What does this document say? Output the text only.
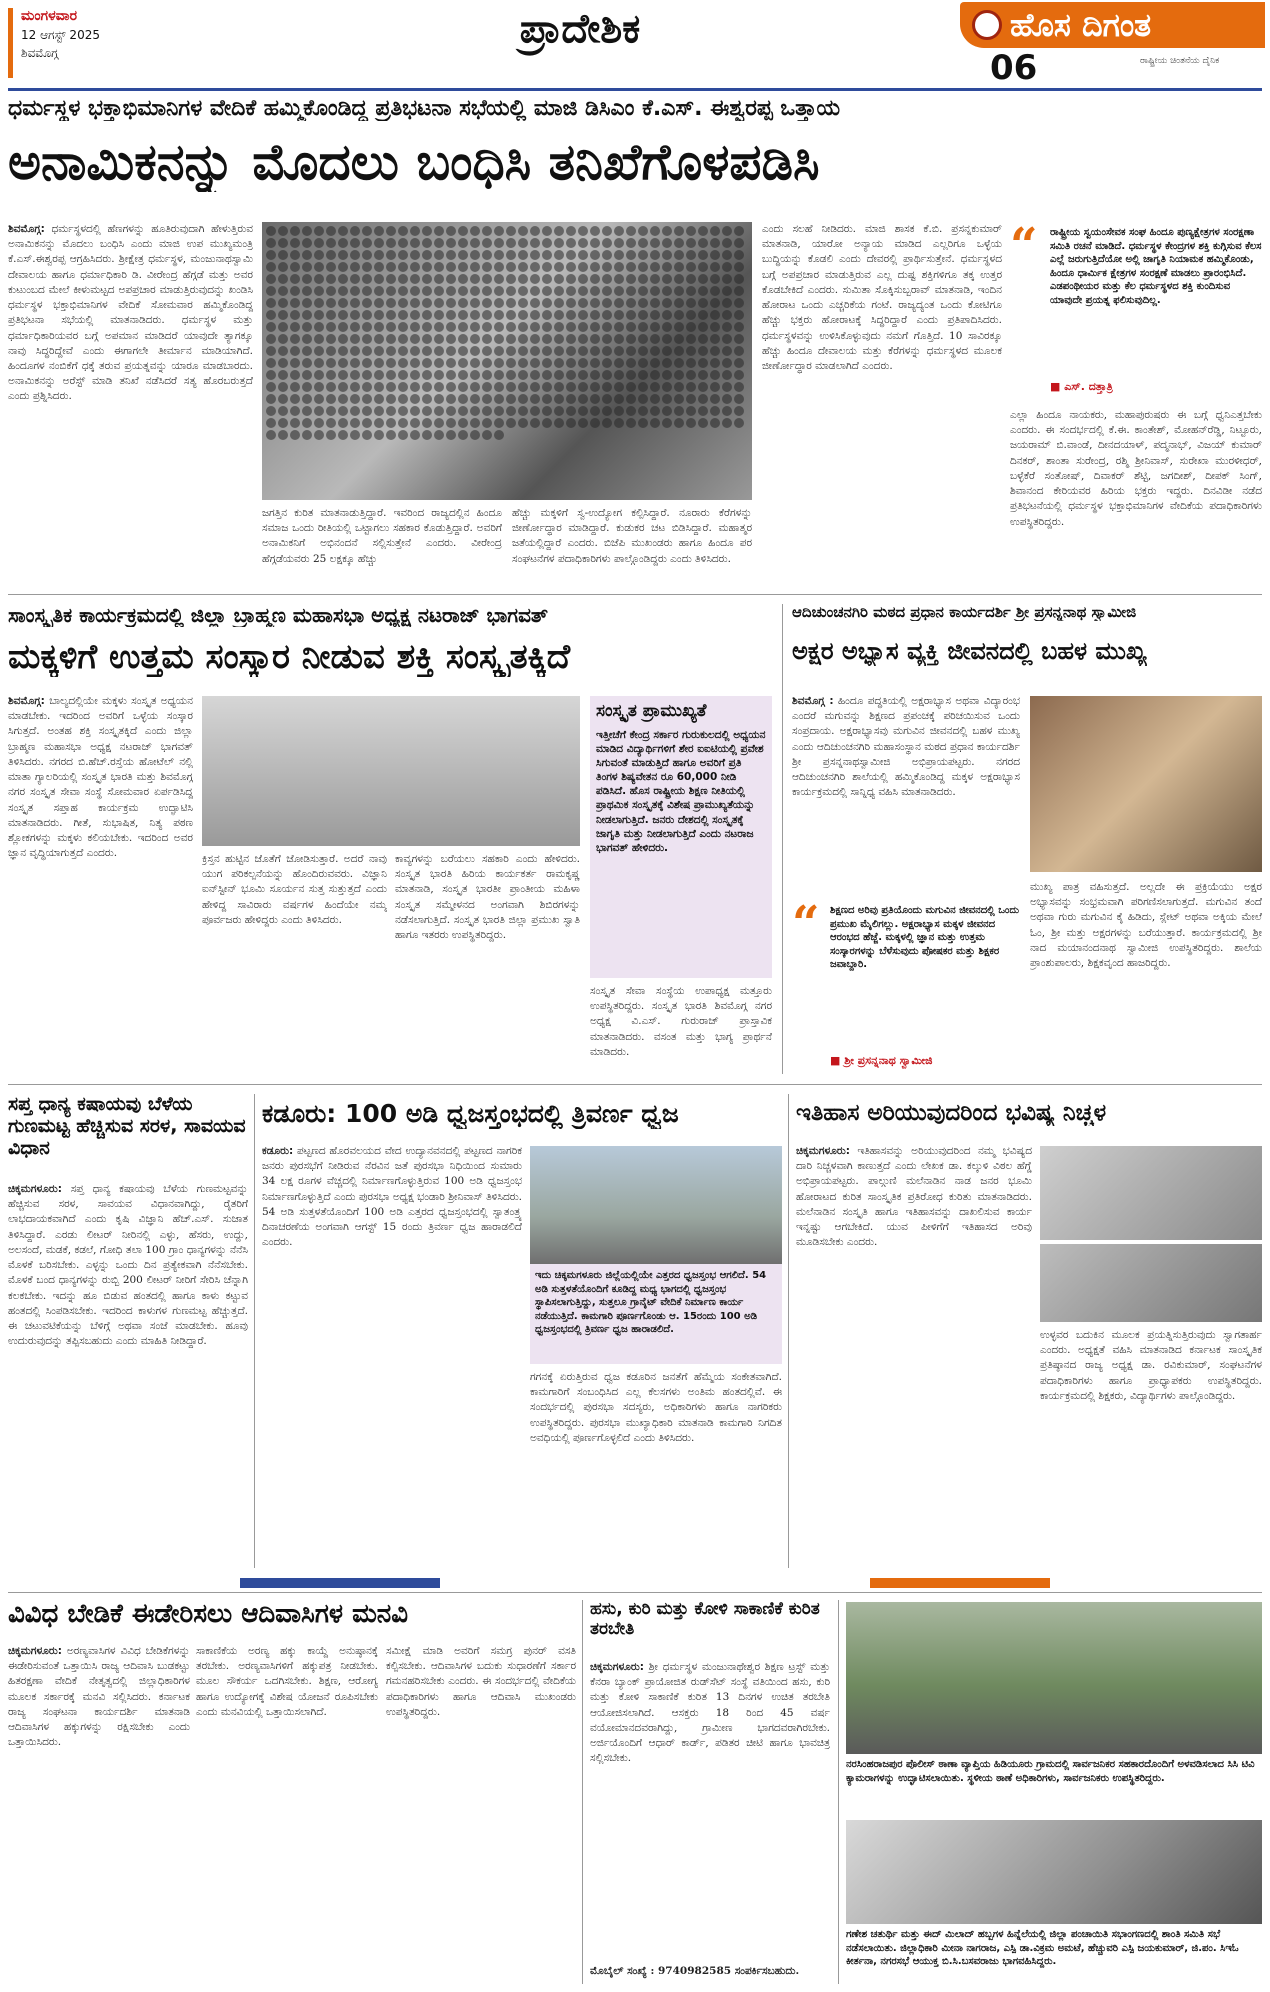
ಮಂಗಳವಾರ
12 ಆಗಸ್ಟ್ 2025
ಶಿವಮೊಗ್ಗ
ಪ್ರಾದೇಶಿಕ	ಹೊಸ ದಿಗಂತ
06	ರಾಷ್ಟ್ರೀಯ ಚಿಂತನೆಯ ದೈನಿಕ
ಧರ್ಮಸ್ಥಳ ಭಕ್ತಾಭಿಮಾನಿಗಳ ವೇದಿಕೆ ಹಮ್ಮಿಕೊಂಡಿದ್ದ ಪ್ರತಿಭಟನಾ ಸಭೆಯಲ್ಲಿ ಮಾಜಿ ಡಿಸಿಎಂ ಕೆ.ಎಸ್. ಈಶ್ವರಪ್ಪ ಒತ್ತಾಯ
ಅನಾಮಿಕನನ್ನು ಮೊದಲು ಬಂಧಿಸಿ ತನಿಖೆಗೊಳಪಡಿಸಿ

ಶಿವಮೊಗ್ಗ: ಧರ್ಮಸ್ಥಳದಲ್ಲಿ ಹೆಣಗಳನ್ನು ಹೂತಿರುವುದಾಗಿ ಹೇಳುತ್ತಿರುವ ಅನಾಮಿಕನನ್ನು ಮೊದಲು ಬಂಧಿಸಿ ಎಂದು ಮಾಜಿ ಉಪ ಮುಖ್ಯಮಂತ್ರಿ ಕೆ.ಎಸ್.ಈಶ್ವರಪ್ಪ ಆಗ್ರಹಿಸಿದರು. ಶ್ರೀಕ್ಷೇತ್ರ ಧರ್ಮಸ್ಥಳ, ಮಂಜುನಾಥಸ್ವಾಮಿ ದೇವಾಲಯ ಹಾಗೂ ಧರ್ಮಾಧಿಕಾರಿ ಡಿ. ವೀರೇಂದ್ರ ಹೆಗ್ಗಡೆ ಮತ್ತು ಅವರ ಕುಟುಂಬದ ಮೇಲೆ ಕೀಳುಮಟ್ಟದ ಅಪಪ್ರಚಾರ ಮಾಡುತ್ತಿರುವುದನ್ನು ಖಂಡಿಸಿ ಧರ್ಮಸ್ಥಳ ಭಕ್ತಾಭಿಮಾನಿಗಳ ವೇದಿಕೆ ಸೋಮವಾರ ಹಮ್ಮಿಕೊಂಡಿದ್ದ ಪ್ರತಿಭಟನಾ ಸಭೆಯಲ್ಲಿ ಮಾತನಾಡಿದರು. ಧರ್ಮಸ್ಥಳ ಮತ್ತು ಧರ್ಮಾಧಿಕಾರಿಯವರ ಬಗ್ಗೆ ಅಪಮಾನ ಮಾಡಿದರೆ ಯಾವುದೇ ತ್ಯಾಗಕ್ಕೂ ನಾವು ಸಿದ್ಧರಿದ್ದೇವೆ ಎಂದು ಈಗಾಗಲೇ ತೀರ್ಮಾನ ಮಾಡಿಯಾಗಿದೆ. ಹಿಂದೂಗಳ ನಂಬಿಕೆಗೆ ಧಕ್ಕೆ ತರುವ ಪ್ರಯತ್ನವನ್ನು ಯಾರೂ ಮಾಡಬಾರದು. ಅನಾಮಿಕನನ್ನು ಅರೆಸ್ಟ್ ಮಾಡಿ ತನಿಖೆ ನಡೆಸಿದರೆ ಸತ್ಯ ಹೊರಬರುತ್ತದೆ ಎಂದು ಪ್ರಶ್ನಿಸಿದರು.

ಜಗತ್ತಿನ ಕುರಿತ ಮಾತನಾಡುತ್ತಿದ್ದಾರೆ. ಇವರಿಂದ ರಾಜ್ಯದಲ್ಲಿನ ಹಿಂದೂ ಸಮಾಜ ಒಂದು ರೀತಿಯಲ್ಲಿ ಒಟ್ಟಾಗಲು ಸಹಕಾರ ಕೊಡುತ್ತಿದ್ದಾರೆ. ಅವರಿಗೆ ಅನಾಮಿಕನಿಗೆ ಅಭಿನಂದನೆ ಸಲ್ಲಿಸುತ್ತೇನೆ ಎಂದರು. ವೀರೇಂದ್ರ ಹೆಗ್ಗಡೆಯವರು 25 ಲಕ್ಷಕ್ಕೂ ಹೆಚ್ಚು
ಹೆಚ್ಚು ಮಕ್ಕಳಿಗೆ ಸ್ವ-ಉದ್ಯೋಗ ಕಲ್ಪಿಸಿದ್ದಾರೆ. ನೂರಾರು ಕೆರೆಗಳನ್ನು ಜೀರ್ಣೋದ್ಧಾರ ಮಾಡಿದ್ದಾರೆ. ಕುಡುಕರ ಚಟ ಬಿಡಿಸಿದ್ದಾರೆ. ಮಹಾತ್ಮರ ಜತೆಯಲ್ಲಿದ್ದಾರೆ ಎಂದರು. ಬಿಜೆಪಿ ಮುಖಂಡರು ಹಾಗೂ ಹಿಂದೂ ಪರ ಸಂಘಟನೆಗಳ ಪದಾಧಿಕಾರಿಗಳು ಪಾಲ್ಗೊಂಡಿದ್ದರು ಎಂದು ತಿಳಿಸಿದರು.
ಎಂದು ಸಲಹೆ ನೀಡಿದರು. ಮಾಜಿ ಶಾಸಕ ಕೆ.ಬಿ. ಪ್ರಸನ್ನಕುಮಾರ್ ಮಾತನಾಡಿ, ಯಾರೋ ಅನ್ಯಾಯ ಮಾಡಿದ ಎಲ್ಲರಿಗೂ ಒಳ್ಳೆಯ ಬುದ್ಧಿಯನ್ನು ಕೊಡಲಿ ಎಂದು ದೇವರಲ್ಲಿ ಪ್ರಾರ್ಥಿಸುತ್ತೇನೆ. ಧರ್ಮಸ್ಥಳದ ಬಗ್ಗೆ ಅಪಪ್ರಚಾರ ಮಾಡುತ್ತಿರುವ ಎಲ್ಲ ದುಷ್ಟ ಶಕ್ತಿಗಳಿಗೂ ತಕ್ಕ ಉತ್ತರ ಕೊಡಬೇಕಿದೆ ಎಂದರು. ಸುಮಿತಾ ಸೊಕ್ಕಿಸುಬ್ಬರಾವ್ ಮಾತನಾಡಿ, ಇಂದಿನ ಹೋರಾಟ ಒಂದು ಎಚ್ಚರಿಕೆಯ ಗಂಟೆ. ರಾಜ್ಯದ್ಯಂತ ಒಂದು ಕೋಟಿಗೂ ಹೆಚ್ಚು ಭಕ್ತರು ಹೋರಾಟಕ್ಕೆ ಸಿದ್ಧರಿದ್ದಾರೆ ಎಂದು ಪ್ರತಿಪಾದಿಸಿದರು. ಧರ್ಮಸ್ಥಳವನ್ನು ಉಳಿಸಿಕೊಳ್ಳುವುದು ನಮಗೆ ಗೊತ್ತಿದೆ. 10 ಸಾವಿರಕ್ಕೂ ಹೆಚ್ಚು ಹಿಂದೂ ದೇವಾಲಯ ಮತ್ತು ಕೆರೆಗಳನ್ನು ಧರ್ಮಸ್ಥಳದ ಮೂಲಕ ಜೀರ್ಣೋದ್ಧಾರ ಮಾಡಲಾಗಿದೆ ಎಂದರು.
“	ರಾಷ್ಟ್ರೀಯ ಸ್ವಯಂಸೇವಕ ಸಂಘ ಹಿಂದೂ ಪುಣ್ಯಕ್ಷೇತ್ರಗಳ ಸಂರಕ್ಷಣಾ ಸಮಿತಿ ರಚನೆ ಮಾಡಿದೆ. ಧರ್ಮಸ್ಥಳ ಕೇಂದ್ರಗಳ ಶಕ್ತಿ ಕುಗ್ಗಿಸುವ ಕೆಲಸ ಎಲ್ಲೆ ಜರುಗುತ್ತಿದೆಯೋ ಅಲ್ಲಿ ಜಾಗೃತಿ ನಿಯಾಮಕ ಹಮ್ಮಿಕೊಂಡು, ಹಿಂದೂ ಧಾರ್ಮಿಕ ಕ್ಷೇತ್ರಗಳ ಸಂರಕ್ಷಣೆ ಮಾಡಲು ಪ್ರಾರಂಭಿಸಿದೆ. ಎಡಪಂಥೀಯರ ಮತ್ತು ಕೆಲ ಧರ್ಮಸ್ಥಳದ ಶಕ್ತಿ ಕುಂದಿಸುವ ಯಾವುದೇ ಪ್ರಯತ್ನ ಫಲಿಸುವುದಿಲ್ಲ.
■ ಎಸ್. ದತ್ತಾತ್ರಿ
ಎಲ್ಲಾ ಹಿಂದೂ ನಾಯಕರು, ಮಹಾಪುರುಷರು ಈ ಬಗ್ಗೆ ಧ್ವನಿಎತ್ತಬೇಕು ಎಂದರು. ಈ ಸಂದರ್ಭದಲ್ಲಿ ಕೆ.ಈ. ಕಾಂತೇಶ್, ಮೋಹನ್‌ರೆಡ್ಡಿ, ನಿಟ್ಟೂರು, ಜಯರಾಮ್ ಬಿ.ವಾಂಡೆ, ದೀನದಯಾಳ್, ಪದ್ಮನಾಭ್, ವಿಜಯ್ ಕುಮಾರ್ ದಿನಕರ್, ಶಾಂತಾ ಸುರೇಂದ್ರ, ರಶ್ಮಿ ಶ್ರೀನಿವಾಸ್, ಸುರೇಖಾ ಮುರಳೀಧರ್, ಬಳ್ಳೆಕೆರೆ ಸಂತೋಷ್, ದಿವಾಕರ್ ಶೆಟ್ಟಿ, ಜಗದೀಶ್, ದೀಪಕ್ ಸಿಂಗ್, ಶಿವಾನಂದ ಕೇರಿಯವರ ಹಿರಿಯ ಭಕ್ತರು ಇದ್ದರು. ದಿನವಿಡೀ ನಡೆದ ಪ್ರತಿಭಟನೆಯಲ್ಲಿ ಧರ್ಮಸ್ಥಳ ಭಕ್ತಾಭಿಮಾನಿಗಳ ವೇದಿಕೆಯ ಪದಾಧಿಕಾರಿಗಳು ಉಪಸ್ಥಿತರಿದ್ದರು.
ಸಾಂಸ್ಕೃತಿಕ ಕಾರ್ಯಕ್ರಮದಲ್ಲಿ ಜಿಲ್ಲಾ ಬ್ರಾಹ್ಮಣ ಮಹಾಸಭಾ ಅಧ್ಯಕ್ಷ ನಟರಾಜ್ ಭಾಗವತ್
ಮಕ್ಕಳಿಗೆ ಉತ್ತಮ ಸಂಸ್ಕಾರ ನೀಡುವ ಶಕ್ತಿ ಸಂಸ್ಕೃತಕ್ಕಿದೆ

ಶಿವಮೊಗ್ಗ: ಬಾಲ್ಯದಲ್ಲಿಯೇ ಮಕ್ಕಳು ಸಂಸ್ಕೃತ ಅಧ್ಯಯನ ಮಾಡಬೇಕು. ಇದರಿಂದ ಅವರಿಗೆ ಒಳ್ಳೆಯ ಸಂಸ್ಕಾರ ಸಿಗುತ್ತದೆ. ಅಂತಹ ಶಕ್ತಿ ಸಂಸ್ಕೃತಕ್ಕಿದೆ ಎಂದು ಜಿಲ್ಲಾ ಬ್ರಾಹ್ಮಣ ಮಹಾಸಭಾ ಅಧ್ಯಕ್ಷ ನಟರಾಜ್ ಭಾಗವತ್ ತಿಳಿಸಿದರು. ನಗರದ ಬಿ.ಹೆಚ್.ರಸ್ತೆಯ ಹೋಟೆಲ್ ನಲ್ಲಿ ಮಾತಾ ಗ್ಯಾಲರಿಯಲ್ಲಿ ಸಂಸ್ಕೃತ ಭಾರತಿ ಮತ್ತು ಶಿವಮೊಗ್ಗ ನಗರ ಸಂಸ್ಕೃತ ಸೇವಾ ಸಂಸ್ಥೆ ಸೋಮವಾರ ಏರ್ಪಡಿಸಿದ್ದ ಸಂಸ್ಕೃತ ಸಪ್ತಾಹ ಕಾರ್ಯಕ್ರಮ ಉದ್ಘಾಟಿಸಿ ಮಾತನಾಡಿದರು. ಗೀತೆ, ಸುಭಾಷಿತ, ನಿತ್ಯ ಪಠಣ ಶ್ಲೋಕಗಳನ್ನು ಮಕ್ಕಳು ಕಲಿಯಬೇಕು. ಇದರಿಂದ ಅವರ ಜ್ಞಾನ ವೃದ್ಧಿಯಾಗುತ್ತದೆ ಎಂದರು.	ಕ್ರಿಸ್ತನ ಹುಟ್ಟಿನ ಜೊತೆಗೆ ಜೋಡಿಸುತ್ತಾರೆ. ಅದರೆ ನಾವು ಯುಗ ಪರಿಕಲ್ಪನೆಯನ್ನು ಹೊಂದಿರುವವರು. ವಿಜ್ಞಾನಿ ಐನ್‌ಸ್ಟೀನ್ ಭೂಮಿ ಸೂರ್ಯನ ಸುತ್ತ ಸುತ್ತುತ್ತದೆ ಎಂದು ಹೇಳಿದ್ದ ಸಾವಿರಾರು ವರ್ಷಗಳ ಹಿಂದೆಯೇ ನಮ್ಮ ಪೂರ್ವಜರು ಹೇಳಿದ್ದರು ಎಂದು ತಿಳಿಸಿದರು.
ಕಾವ್ಯಗಳನ್ನು ಬರೆಯಲು ಸಹಕಾರಿ ಎಂದು ಹೇಳಿದರು. ಸಂಸ್ಕೃತ ಭಾರತಿ ಹಿರಿಯ ಕಾರ್ಯಕರ್ತ ರಾಮಕೃಷ್ಣ ಮಾತನಾಡಿ, ಸಂಸ್ಕೃತ ಭಾರತೀ ಪ್ರಾಂತೀಯ ಮಹಿಳಾ ಸಂಸ್ಕೃತ ಸಮ್ಮೇಳನದ ಅಂಗವಾಗಿ ಶಿಬಿರಗಳನ್ನು ನಡೆಸಲಾಗುತ್ತಿದೆ. ಸಂಸ್ಕೃತ ಭಾರತಿ ಜಿಲ್ಲಾ ಪ್ರಮುಖ ಸ್ವಾತಿ ಹಾಗೂ ಇತರರು ಉಪಸ್ಥಿತರಿದ್ದರು.
ಸಂಸ್ಕೃತ ಪ್ರಾಮುಖ್ಯತೆ
ಇತ್ತೀಚೆಗೆ ಕೇಂದ್ರ ಸರ್ಕಾರ ಗುರುಕುಲದಲ್ಲಿ ಅಧ್ಯಯನ ಮಾಡಿದ ವಿದ್ಯಾರ್ಥಿಗಳಿಗೆ ಶೇರ ಐಐಟಿಯಲ್ಲಿ ಪ್ರವೇಶ ಸಿಗುವಂತೆ ಮಾಡುತ್ತಿದೆ ಹಾಗೂ ಅವರಿಗೆ ಪ್ರತಿ ತಿಂಗಳ ಶಿಷ್ಯವೇತನ ರೂ 60,000 ನೀಡಿ ಪಡಿಸಿದೆ. ಹೊಸ ರಾಷ್ಟ್ರೀಯ ಶಿಕ್ಷಣ ನೀತಿಯಲ್ಲಿ ಪ್ರಾಥಮಿಕ ಸಂಸ್ಕೃತಕ್ಕೆ ವಿಶೇಷ ಪ್ರಾಮುಖ್ಯತೆಯನ್ನು ನೀಡಲಾಗುತ್ತಿದೆ. ಜನರು ದೇಶದಲ್ಲಿ ಸಂಸ್ಕೃತಕ್ಕೆ ಜಾಗೃತಿ ಮತ್ತು ನೀಡಲಾಗುತ್ತಿದೆ ಎಂದು ನಟರಾಜ ಭಾಗವತ್ ಹೇಳಿದರು.
ಸಂಸ್ಕೃತ ಸೇವಾ ಸಂಸ್ಥೆಯ ಉಪಾಧ್ಯಕ್ಷ ಮತ್ತೂರು ಉಪಸ್ಥಿತರಿದ್ದರು. ಸಂಸ್ಕೃತ ಭಾರತಿ ಶಿವಮೊಗ್ಗ ನಗರ ಅಧ್ಯಕ್ಷ ವಿ.ಎಸ್. ಗುರುರಾಜ್ ಪ್ರಾಸ್ತಾವಿಕ ಮಾತನಾಡಿದರು. ವಸಂತ ಮತ್ತು ಭಾಗ್ಯ ಪ್ರಾರ್ಥನೆ ಮಾಡಿದರು.
ಆದಿಚುಂಚನಗಿರಿ ಮಠದ ಪ್ರಧಾನ ಕಾರ್ಯದರ್ಶಿ ಶ್ರೀ ಪ್ರಸನ್ನನಾಥ ಸ್ವಾಮೀಜಿ
ಅಕ್ಷರ ಅಭ್ಯಾಸ ವ್ಯಕ್ತಿ ಜೀವನದಲ್ಲಿ ಬಹಳ ಮುಖ್ಯ

ಶಿವಮೊಗ್ಗ : ಹಿಂದೂ ಪದ್ಧತಿಯಲ್ಲಿ ಅಕ್ಷರಾಭ್ಯಾಸ ಅಥವಾ ವಿದ್ಯಾರಂಭ ಎಂದರೆ ಮಗುವನ್ನು ಶಿಕ್ಷಣದ ಪ್ರಪಂಚಕ್ಕೆ ಪರಿಚಯಿಸುವ ಒಂದು ಸಂಪ್ರದಾಯ. ಅಕ್ಷರಾಭ್ಯಾಸವು ಮಗುವಿನ ಜೀವನದಲ್ಲಿ ಬಹಳ ಮುಖ್ಯ ಎಂದು ಆದಿಚುಂಚನಗಿರಿ ಮಹಾಸಂಸ್ಥಾನ ಮಠದ ಪ್ರಧಾನ ಕಾರ್ಯದರ್ಶಿ ಶ್ರೀ ಪ್ರಸನ್ನನಾಥಸ್ವಾಮೀಜಿ ಅಭಿಪ್ರಾಯಪಟ್ಟರು. ನಗರದ ಆದಿಚುಂಚನಗಿರಿ ಶಾಲೆಯಲ್ಲಿ ಹಮ್ಮಿಕೊಂಡಿದ್ದ ಮಕ್ಕಳ ಅಕ್ಷರಾಭ್ಯಾಸ ಕಾರ್ಯಕ್ರಮದಲ್ಲಿ ಸಾನ್ನಿಧ್ಯ ವಹಿಸಿ ಮಾತನಾಡಿದರು.

“	ಶಿಕ್ಷಣದ ಅರಿವು ಪ್ರತಿಯೊಂದು ಮಗುವಿನ ಜೀವನದಲ್ಲಿ ಒಂದು ಪ್ರಮುಖ ಮೈಲಿಗಲ್ಲು. ಅಕ್ಷರಾಭ್ಯಾಸ ಮಕ್ಕಳ ಜೀವನದ ಆರಂಭದ ಹೆಜ್ಜೆ. ಮಕ್ಕಳಲ್ಲಿ ಜ್ಞಾನ ಮತ್ತು ಉತ್ತಮ ಸಂಸ್ಕಾರಗಳನ್ನು ಬೆಳೆಸುವುದು ಪೋಷಕರ ಮತ್ತು ಶಿಕ್ಷಕರ ಜವಾಬ್ದಾರಿ.
■ ಶ್ರೀ ಪ್ರಸನ್ನನಾಥ ಸ್ವಾಮೀಜಿ
ಮುಖ್ಯ ಪಾತ್ರ ವಹಿಸುತ್ತದೆ. ಅಲ್ಲದೇ ಈ ಪ್ರಕ್ರಿಯೆಯು ಅಕ್ಷರ ಅಭ್ಯಾಸವನ್ನು ಸಂಭ್ರಮವಾಗಿ ಪರಿಗಣಿಸಲಾಗುತ್ತದೆ. ಮಗುವಿನ ತಂದೆ ಅಥವಾ ಗುರು ಮಗುವಿನ ಕೈ ಹಿಡಿದು, ಸ್ಲೇಟ್ ಅಥವಾ ಅಕ್ಕಿಯ ಮೇಲೆ ಓಂ, ಶ್ರೀ ಮತ್ತು ಅಕ್ಷರಗಳನ್ನು ಬರೆಯುತ್ತಾರೆ. ಕಾರ್ಯಕ್ರಮದಲ್ಲಿ ಶ್ರೀ ನಾದ ಮಯಾನಂದನಾಥ ಸ್ವಾಮೀಜಿ ಉಪಸ್ಥಿತರಿದ್ದರು. ಶಾಲೆಯ ಪ್ರಾಂಶುಪಾಲರು, ಶಿಕ್ಷಕವೃಂದ ಹಾಜರಿದ್ದರು.
ಸಪ್ತ ಧಾನ್ಯ ಕಷಾಯವು ಬೆಳೆಯ ಗುಣಮಟ್ಟ ಹೆಚ್ಚಿಸುವ ಸರಳ, ಸಾವಯವ ವಿಧಾನ

ಚಿಕ್ಕಮಗಳೂರು: ಸಪ್ತ ಧಾನ್ಯ ಕಷಾಯವು ಬೆಳೆಯ ಗುಣಮಟ್ಟವನ್ನು ಹೆಚ್ಚಿಸುವ ಸರಳ, ಸಾವಯವ ವಿಧಾನವಾಗಿದ್ದು, ರೈತರಿಗೆ ಲಾಭದಾಯಕವಾಗಿದೆ ಎಂದು ಕೃಷಿ ವಿಜ್ಞಾನಿ ಹೆಚ್.ಎಸ್. ಸುಜಾತ ತಿಳಿಸಿದ್ದಾರೆ. ಎರಡು ಲೀಟರ್ ನೀರಿನಲ್ಲಿ ಎಳ್ಳು, ಹೆಸರು, ಉದ್ದು, ಅಲಸಂದೆ, ಮಡಕೆ, ಕಡಲೆ, ಗೋಧಿ ತಲಾ 100 ಗ್ರಾಂ ಧಾನ್ಯಗಳನ್ನು ನೆನೆಸಿ ಮೊಳಕೆ ಬರಿಸಬೇಕು. ಎಳ್ಳನ್ನು ಒಂದು ದಿನ ಪ್ರತ್ಯೇಕವಾಗಿ ನೆನೆಸಬೇಕು. ಮೊಳಕೆ ಬಂದ ಧಾನ್ಯಗಳನ್ನು ರುಬ್ಬಿ 200 ಲೀಟರ್ ನೀರಿಗೆ ಸೇರಿಸಿ ಚೆನ್ನಾಗಿ ಕಲಕಬೇಕು. ಇದನ್ನು ಹೂ ಬಿಡುವ ಹಂತದಲ್ಲಿ ಹಾಗೂ ಕಾಳು ಕಟ್ಟುವ ಹಂತದಲ್ಲಿ ಸಿಂಪಡಿಸಬೇಕು. ಇದರಿಂದ ಕಾಳುಗಳ ಗುಣಮಟ್ಟ ಹೆಚ್ಚುತ್ತದೆ. ಈ ಚಟುವಟಿಕೆಯನ್ನು ಬೆಳಿಗ್ಗೆ ಅಥವಾ ಸಂಜೆ ಮಾಡಬೇಕು. ಹೂವು ಉದುರುವುದನ್ನು ತಪ್ಪಿಸಬಹುದು ಎಂದು ಮಾಹಿತಿ ನೀಡಿದ್ದಾರೆ.

ಕಡೂರು: 100 ಅಡಿ ಧ್ವಜಸ್ತಂಭದಲ್ಲಿ ತ್ರಿವರ್ಣ ಧ್ವಜ

ಕಡೂರು: ಪಟ್ಟಣದ ಹೊರವಲಯದ ವೇದ ಉದ್ಯಾನವನದಲ್ಲಿ ಪಟ್ಟಣದ ನಾಗರಿಕ ಜನರು ಪುರಸಭೆಗೆ ನೀಡಿರುವ ನೆರವಿನ ಜತೆ ಪುರಸಭಾ ನಿಧಿಯಿಂದ ಸುಮಾರು 34 ಲಕ್ಷ ರೂಗಳ ವೆಚ್ಚದಲ್ಲಿ ನಿರ್ಮಾಣಗೊಳ್ಳುತ್ತಿರುವ 100 ಅಡಿ ಧ್ವಜಸ್ತಂಭ ನಿರ್ಮಾಣಗೊಳ್ಳುತ್ತಿದೆ ಎಂದು ಪುರಸಭಾ ಅಧ್ಯಕ್ಷ ಭಂಡಾರಿ ಶ್ರೀನಿವಾಸ್ ತಿಳಿಸಿದರು. 54 ಅಡಿ ಸುತ್ತಳತೆಯೊಂದಿಗೆ 100 ಅಡಿ ಎತ್ತರದ ಧ್ವಜಸ್ತಂಭದಲ್ಲಿ ಸ್ವಾತಂತ್ರ್ಯ ದಿನಾಚರಣೆಯ ಅಂಗವಾಗಿ ಆಗಸ್ಟ್ 15 ರಂದು ತ್ರಿವರ್ಣ ಧ್ವಜ ಹಾರಾಡಲಿದೆ ಎಂದರು.

ಇದು ಚಿಕ್ಕಮಗಳೂರು ಜಿಲ್ಲೆಯಲ್ಲಿಯೇ ಎತ್ತರದ ಧ್ವಜಸ್ತಂಭ ಆಗಲಿದೆ. 54 ಅಡಿ ಸುತ್ತಳತೆಯೊಂದಿಗೆ ಕೂಡಿದ್ದ ಮಧ್ಯ ಭಾಗದಲ್ಲಿ ಧ್ವಜಸ್ತಂಭ ಸ್ಥಾಪಿಸಲಾಗುತ್ತಿದ್ದು, ಸುತ್ತಲೂ ಗ್ರಾನೈಟ್ ವೇದಿಕೆ ನಿರ್ಮಾಣ ಕಾರ್ಯ ನಡೆಯುತ್ತಿದೆ. ಕಾಮಗಾರಿ ಪೂರ್ಣಗೊಂಡು ಆ. 15ರಂದು 100 ಅಡಿ ಧ್ವಜಸ್ತಂಭದಲ್ಲಿ ತ್ರಿವರ್ಣ ಧ್ವಜ ಹಾರಾಡಲಿದೆ.
ಗಗನಕ್ಕೆ ಏರುತ್ತಿರುವ ಧ್ವಜ ಕಡೂರಿನ ಜನತೆಗೆ ಹೆಮ್ಮೆಯ ಸಂಕೇತವಾಗಿದೆ. ಕಾಮಗಾರಿಗೆ ಸಂಬಂಧಿಸಿದ ಎಲ್ಲ ಕೆಲಸಗಳು ಅಂತಿಮ ಹಂತದಲ್ಲಿವೆ. ಈ ಸಂದರ್ಭದಲ್ಲಿ ಪುರಸಭಾ ಸದಸ್ಯರು, ಅಧಿಕಾರಿಗಳು ಹಾಗೂ ನಾಗರಿಕರು ಉಪಸ್ಥಿತರಿದ್ದರು. ಪುರಸಭಾ ಮುಖ್ಯಾಧಿಕಾರಿ ಮಾತನಾಡಿ ಕಾಮಗಾರಿ ನಿಗದಿತ ಅವಧಿಯಲ್ಲಿ ಪೂರ್ಣಗೊಳ್ಳಲಿದೆ ಎಂದು ತಿಳಿಸಿದರು.
ಇತಿಹಾಸ ಅರಿಯುವುದರಿಂದ ಭವಿಷ್ಯ ನಿಚ್ಚಳ

ಚಿಕ್ಕಮಗಳೂರು: ಇತಿಹಾಸವನ್ನು ಅರಿಯುವುದರಿಂದ ನಮ್ಮ ಭವಿಷ್ಯದ ದಾರಿ ನಿಚ್ಚಳವಾಗಿ ಕಾಣುತ್ತದೆ ಎಂದು ಲೇಖಕ ಡಾ. ಕಲ್ಕುಳಿ ವಿಠಲ ಹೆಗ್ಡೆ ಅಭಿಪ್ರಾಯಪಟ್ಟರು. ಪಾಲ್ಗುಣಿ ಮಲೆನಾಡಿನ ನಾಡ ಜನರ ಭೂಮಿ ಹೋರಾಟದ ಕುರಿತ ಸಾಂಸ್ಕೃತಿಕ ಪ್ರತಿರೋಧ ಕುರಿತು ಮಾತನಾಡಿದರು. ಮಲೆನಾಡಿನ ಸಂಸ್ಕೃತಿ ಹಾಗೂ ಇತಿಹಾಸವನ್ನು ದಾಖಲಿಸುವ ಕಾರ್ಯ ಇನ್ನಷ್ಟು ಆಗಬೇಕಿದೆ. ಯುವ ಪೀಳಿಗೆಗೆ ಇತಿಹಾಸದ ಅರಿವು ಮೂಡಿಸಬೇಕು ಎಂದರು.

ಉಳ್ಳವರ ಬದುಕಿನ ಮೂಲಕ ಪ್ರಯತ್ನಿಸುತ್ತಿರುವುದು ಸ್ವಾಗತಾರ್ಹ ಎಂದರು. ಅಧ್ಯಕ್ಷತೆ ವಹಿಸಿ ಮಾತನಾಡಿದ ಕರ್ನಾಟಕ ಸಾಂಸ್ಕೃತಿಕ ಪ್ರತಿಷ್ಠಾನದ ರಾಜ್ಯ ಅಧ್ಯಕ್ಷ ಡಾ. ರವಿಕುಮಾರ್, ಸಂಘಟನೆಗಳ ಪದಾಧಿಕಾರಿಗಳು ಹಾಗೂ ಪ್ರಾಧ್ಯಾಪಕರು ಉಪಸ್ಥಿತರಿದ್ದರು. ಕಾರ್ಯಕ್ರಮದಲ್ಲಿ ಶಿಕ್ಷಕರು, ವಿದ್ಯಾರ್ಥಿಗಳು ಪಾಲ್ಗೊಂಡಿದ್ದರು.
ವಿವಿಧ ಬೇಡಿಕೆ ಈಡೇರಿಸಲು ಆದಿವಾಸಿಗಳ ಮನವಿ

ಚಿಕ್ಕಮಗಳೂರು: ಅರಣ್ಯವಾಸಿಗಳ ವಿವಿಧ ಬೇಡಿಕೆಗಳನ್ನು ಈಡೇರಿಸುವಂತೆ ಒತ್ತಾಯಿಸಿ ರಾಜ್ಯ ಆದಿವಾಸಿ ಬುಡಕಟ್ಟು ಹಿತರಕ್ಷಣಾ ವೇದಿಕೆ ನೇತೃತ್ವದಲ್ಲಿ ಜಿಲ್ಲಾಧಿಕಾರಿಗಳ ಮೂಲಕ ಸರ್ಕಾರಕ್ಕೆ ಮನವಿ ಸಲ್ಲಿಸಿದರು. ಕರ್ನಾಟಕ ರಾಜ್ಯ ಸಂಘಟನಾ ಕಾರ್ಯದರ್ಶಿ ಮಾತನಾಡಿ ಆದಿವಾಸಿಗಳ ಹಕ್ಕುಗಳನ್ನು ರಕ್ಷಿಸಬೇಕು ಎಂದು ಒತ್ತಾಯಿಸಿದರು.

ಸಾಕಾಣಿಕೆಯ ಅರಣ್ಯ ಹಕ್ಕು ಕಾಯ್ದೆ ಅನುಷ್ಠಾನಕ್ಕೆ ತರಬೇಕು. ಅರಣ್ಯವಾಸಿಗಳಿಗೆ ಹಕ್ಕುಪತ್ರ ನೀಡಬೇಕು. ಮೂಲ ಸೌಕರ್ಯ ಒದಗಿಸಬೇಕು. ಶಿಕ್ಷಣ, ಆರೋಗ್ಯ ಹಾಗೂ ಉದ್ಯೋಗಕ್ಕೆ ವಿಶೇಷ ಯೋಜನೆ ರೂಪಿಸಬೇಕು ಎಂದು ಮನವಿಯಲ್ಲಿ ಒತ್ತಾಯಿಸಲಾಗಿದೆ.
ಸಮೀಕ್ಷೆ ಮಾಡಿ ಅವರಿಗೆ ಸಮಗ್ರ ಪುನರ್ ವಸತಿ ಕಲ್ಪಿಸಬೇಕು. ಆದಿವಾಸಿಗಳ ಬದುಕು ಸುಧಾರಣೆಗೆ ಸರ್ಕಾರ ಗಮನಹರಿಸಬೇಕು ಎಂದರು. ಈ ಸಂದರ್ಭದಲ್ಲಿ ವೇದಿಕೆಯ ಪದಾಧಿಕಾರಿಗಳು ಹಾಗೂ ಆದಿವಾಸಿ ಮುಖಂಡರು ಉಪಸ್ಥಿತರಿದ್ದರು.
ಹಸು, ಕುರಿ ಮತ್ತು ಕೋಳಿ ಸಾಕಾಣಿಕೆ ಕುರಿತ ತರಬೇತಿ

ಚಿಕ್ಕಮಗಳೂರು: ಶ್ರೀ ಧರ್ಮಸ್ಥಳ ಮಂಜುನಾಥೇಶ್ವರ ಶಿಕ್ಷಣ ಟ್ರಸ್ಟ್ ಮತ್ತು ಕೆನರಾ ಬ್ಯಾಂಕ್ ಪ್ರಾಯೋಜಿತ ರುಡ್‌ಸೆಟ್ ಸಂಸ್ಥೆ ವತಿಯಿಂದ ಹಸು, ಕುರಿ ಮತ್ತು ಕೋಳಿ ಸಾಕಾಣಿಕೆ ಕುರಿತ 13 ದಿನಗಳ ಉಚಿತ ತರಬೇತಿ ಆಯೋಜಿಸಲಾಗಿದೆ. ಆಸಕ್ತರು 18 ರಿಂದ 45 ವರ್ಷ ವಯೋಮಾನದವರಾಗಿದ್ದು, ಗ್ರಾಮೀಣ ಭಾಗದವರಾಗಿರಬೇಕು. ಅರ್ಜಿಯೊಂದಿಗೆ ಆಧಾರ್ ಕಾರ್ಡ್, ಪಡಿತರ ಚೀಟಿ ಹಾಗೂ ಭಾವಚಿತ್ರ ಸಲ್ಲಿಸಬೇಕು.

ಮೊಬೈಲ್ ಸಂಖ್ಯೆ : 9740982585 ಸಂಪರ್ಕಿಸಬಹುದು.
ನರಸಿಂಹರಾಜಪುರ ಪೊಲೀಸ್ ಠಾಣಾ ವ್ಯಾಪ್ತಿಯ ಹಿಡಿಯೂರು ಗ್ರಾಮದಲ್ಲಿ ಸಾರ್ವಜನಿಕರ ಸಹಕಾರದೊಂದಿಗೆ ಅಳವಡಿಸಲಾದ ಸಿಸಿ ಟಿವಿ ಕ್ಯಾಮರಾಗಳನ್ನು ಉದ್ಘಾಟಿಸಲಾಯಿತು. ಸ್ಥಳೀಯ ಠಾಣೆ ಅಧಿಕಾರಿಗಳು, ಸಾರ್ವಜನಿಕರು ಉಪಸ್ಥಿತರಿದ್ದರು.
ಗಣೇಶ ಚತುರ್ಥಿ ಮತ್ತು ಈದ್ ಮಿಲಾದ್ ಹಬ್ಬಗಳ ಹಿನ್ನೆಲೆಯಲ್ಲಿ ಜಿಲ್ಲಾ ಪಂಚಾಯಿತಿ ಸಭಾಂಗಣದಲ್ಲಿ ಶಾಂತಿ ಸಮಿತಿ ಸಭೆ ನಡೆಸಲಾಯಿತು. ಜಿಲ್ಲಾಧಿಕಾರಿ ಮೀನಾ ನಾಗರಾಜ, ಎಸ್ಪಿ ಡಾ.ವಿಕ್ರಮ ಅಮಟೆ, ಹೆಚ್ಚುವರಿ ಎಸ್ಪಿ ಜಯಕುಮಾರ್, ಜಿ.ಪಂ. ಸಿಇಓ ಕೀರ್ತನಾ, ನಗರಸಭೆ ಆಯುಕ್ತ ಬಿ.ಸಿ.ಬಸವರಾಜು ಭಾಗವಹಿಸಿದ್ದರು.
